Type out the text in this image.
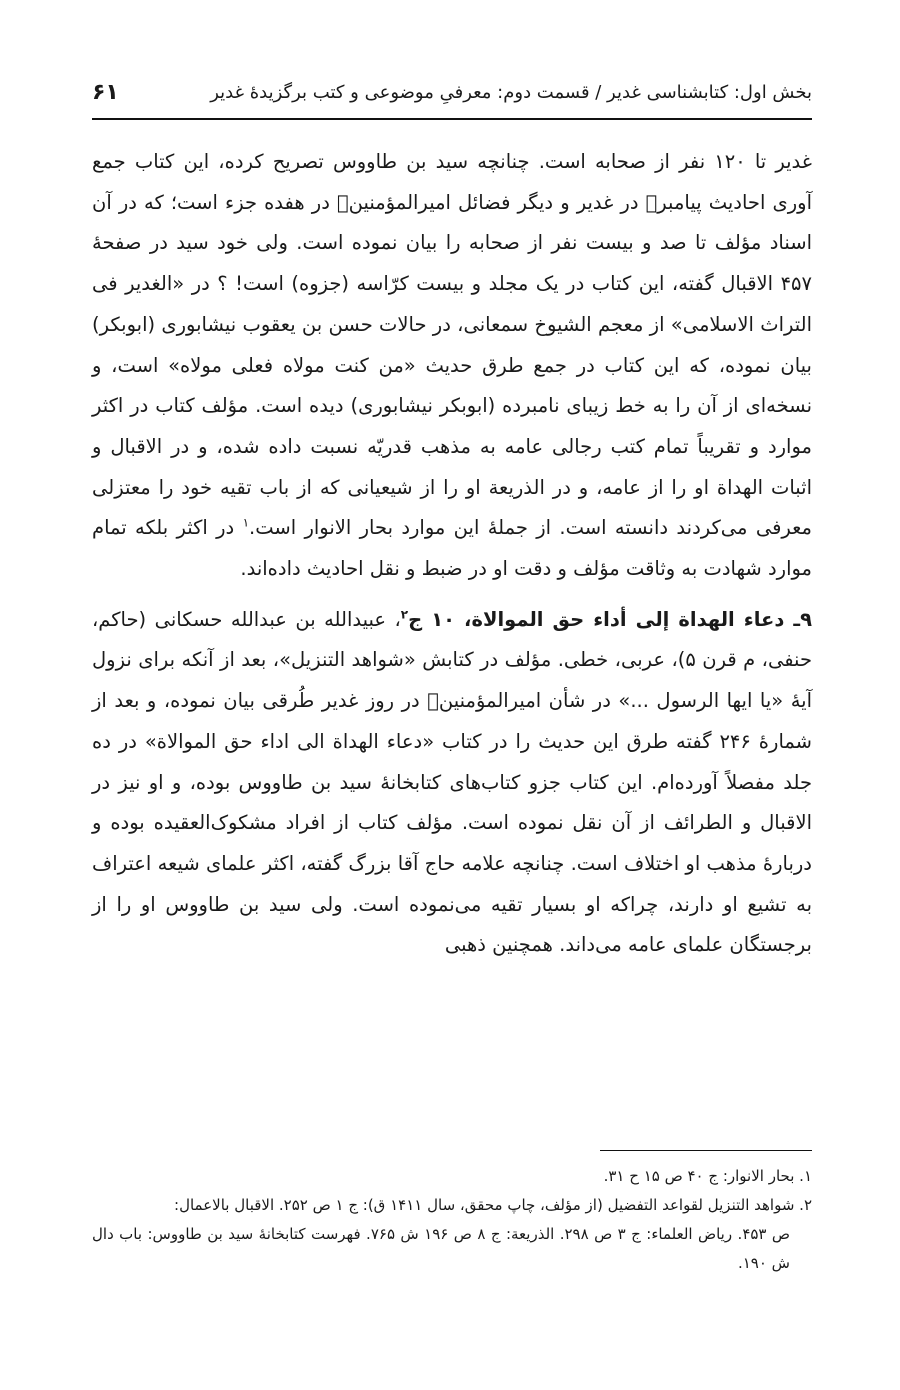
بخش اول: کتابشناسی غدیر / قسمت دوم: معرفیِ موضوعی و کتب برگزیدهٔ غدیر
۶۱

غدیر تا ۱۲۰ نفر از صحابه است. چنانچه سید بن طاووس تصریح کرده، این کتاب جمع آوری احادیث پیامبرﷺ در غدیر و دیگر فضائل امیرالمؤمنینؑ در هفده جزء است؛ که در آن اسناد مؤلف تا صد و بیست نفر از صحابه را بیان نموده است. ولی خود سید در صفحهٔ ۴۵۷ الاقبال گفته، این کتاب در یک مجلد و بیست کرّاسه (جزوه) است! ؟ در «الغدیر فی التراث الاسلامی» از معجم الشیوخ سمعانی، در حالات حسن بن یعقوب نیشابوری (ابوبکر) بیان نموده، که این کتاب در جمع طرق حدیث «من کنت مولاه فعلی مولاه» است، و نسخه‌ای از آن را به خط زیبای نامبرده (ابوبکر نیشابوری) دیده است. مؤلف کتاب در اکثر موارد و تقریباً تمام کتب رجالی عامه به مذهب قدریّه نسبت داده شده، و در الاقبال و اثبات الهداة او را از عامه، و در الذریعة او را از شیعیانی که از باب تقیه خود را معتزلی معرفی می‌کردند دانسته است. از جملهٔ این موارد بحار الانوار است.$^۱$ در اکثر بلکه تمام موارد شهادت به وثاقت مؤلف و دقت او در ضبط و نقل احادیث داده‌اند.

۹ـ دعاء الهداة إلی أداء حق الموالاة، ۱۰ ج$^۲$، عبیدالله بن عبدالله حسکانی (حاکم، حنفی، م قرن ۵)، عربی، خطی. مؤلف در کتابش «شواهد التنزیل»، بعد از آنکه برای نزول آیهٔ «یا ایها الرسول ...» در شأن امیرالمؤمنینؑ در روز غدیر طُرقی بیان نموده، و بعد از شمارهٔ ۲۴۶ گفته طرق این حدیث را در کتاب «دعاء الهداة الی اداء حق الموالاة» در ده جلد مفصلاً آورده‌ام. این کتاب جزو کتاب‌های کتابخانهٔ سید بن طاووس بوده، و او نیز در الاقبال و الطرائف از آن نقل نموده است. مؤلف کتاب از افراد مشکوک‌العقیده بوده و دربارهٔ مذهب او اختلاف است. چنانچه علامه حاج آقا بزرگ گفته، اکثر علمای شیعه اعتراف به تشیع او دارند، چراکه او بسیار تقیه می‌نموده است. ولی سید بن طاووس او را از برجستگان علمای عامه می‌داند. همچنین ذهبی

۱. بحار الانوار: ج ۴۰ ص ۱۵ ح ۳۱.

۲. شواهد التنزیل لقواعد التفضیل (از مؤلف، چاپ محقق، سال ۱۴۱۱ ق): ج ۱ ص ۲۵۲. الاقبال بالاعمال:
ص ۴۵۳. ریاض العلماء: ج ۳ ص ۲۹۸. الذریعة: ج ۸ ص ۱۹۶ ش ۷۶۵. فهرست کتابخانهٔ سید بن طاووس: باب دال ش ۱۹۰.
